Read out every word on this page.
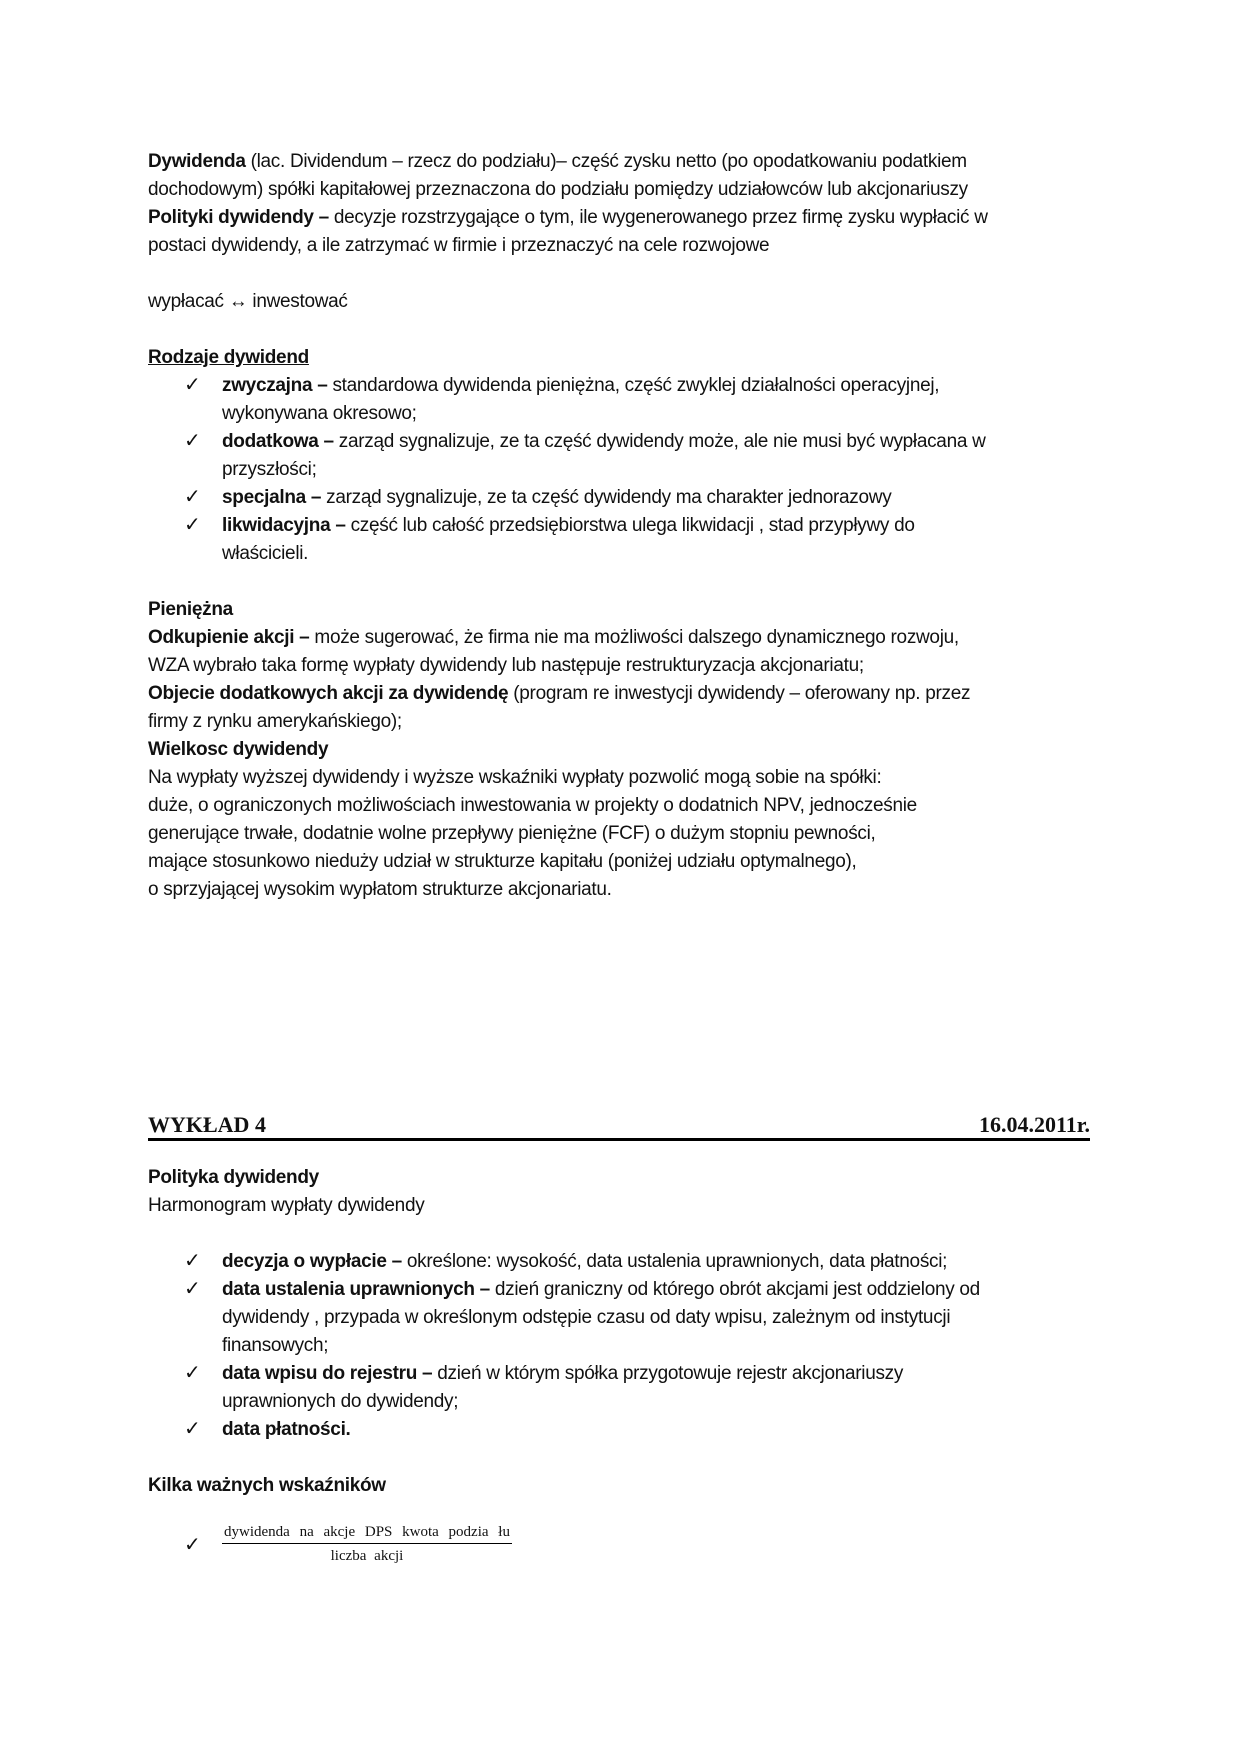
Dywidenda (lac. Dividendum – rzecz do podziału)– część zysku netto (po opodatkowaniu podatkiem
dochodowym) spółki kapitałowej przeznaczona do podziału pomiędzy udziałowców lub akcjonariuszy
Polityki dywidendy – decyzje rozstrzygające o tym, ile wygenerowanego przez firmę zysku wypłacić w
postaci dywidendy, a ile zatrzymać w firmie i przeznaczyć na cele rozwojowe
wypłacać ↔ inwestować
Rodzaje dywidend
✓ zwyczajna – standardowa dywidenda pieniężna, część zwyklej działalności operacyjnej,
wykonywana okresowo;
✓ dodatkowa – zarząd sygnalizuje, ze ta część dywidendy może, ale nie musi być wypłacana w
przyszłości;
✓ specjalna – zarząd sygnalizuje, ze ta część dywidendy ma charakter jednorazowy
✓ likwidacyjna – część lub całość przedsiębiorstwa ulega likwidacji , stad przypływy do
właścicieli.
Pieniężna
Odkupienie akcji – może sugerować, że firma nie ma możliwości dalszego dynamicznego rozwoju,
WZA wybrało taka formę wypłaty dywidendy lub następuje restrukturyzacja akcjonariatu;
Objecie dodatkowych akcji za dywidendę (program re inwestycji dywidendy – oferowany np. przez
firmy z rynku amerykańskiego);
Wielkosc dywidendy
Na wypłaty wyższej dywidendy i wyższe wskaźniki wypłaty pozwolić mogą sobie na spółki:
duże, o ograniczonych możliwościach inwestowania w projekty o dodatnich NPV, jednocześnie
generujące trwałe, dodatnie wolne przepływy pieniężne (FCF) o dużym stopniu pewności,
mające stosunkowo nieduży udział w strukturze kapitału (poniżej udziału optymalnego),
o sprzyjającej wysokim wypłatom strukturze akcjonariatu.
WYKŁAD 4	16.04.2011r.
Polityka dywidendy
Harmonogram wypłaty dywidendy
✓ decyzja o wypłacie – określone: wysokość, data ustalenia uprawnionych, data płatności;
✓ data ustalenia uprawnionych – dzień graniczny od którego obrót akcjami jest oddzielony od
dywidendy , przypada w określonym odstępie czasu od daty wpisu, zależnym od instytucji
finansowych;
✓ data wpisu do rejestru – dzień w którym spółka przygotowuje rejestr akcjonariuszy
uprawnionych do dywidendy;
✓ data płatności.
Kilka ważnych wskaźników
✓ dywidenda na akcje DPS kwota podzia łu
liczba akcji
